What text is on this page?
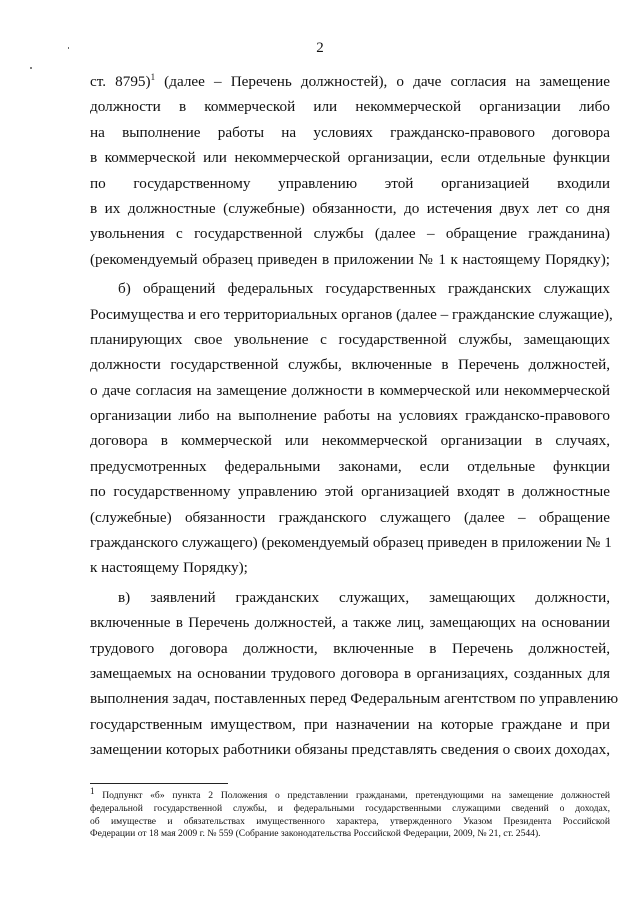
2
ст. 8795)$^1$ (далее – Перечень должностей), о даче согласия на замещение
должности в коммерческой или некоммерческой организации либо
на выполнение работы на условиях гражданско-правового договора
в коммерческой или некоммерческой организации, если отдельные функции
по государственному управлению этой организацией входили
в их должностные (служебные) обязанности, до истечения двух лет со дня
увольнения с государственной службы (далее – обращение гражданина)
(рекомендуемый образец приведен в приложении № 1 к настоящему Порядку);
б) обращений федеральных государственных гражданских служащих
Росимущества и его территориальных органов (далее – гражданские служащие),
планирующих свое увольнение с государственной службы, замещающих
должности государственной службы, включенные в Перечень должностей,
о даче согласия на замещение должности в коммерческой или некоммерческой
организации либо на выполнение работы на условиях гражданско-правового
договора в коммерческой или некоммерческой организации в случаях,
предусмотренных федеральными законами, если отдельные функции
по государственному управлению этой организацией входят в должностные
(служебные) обязанности гражданского служащего (далее – обращение
гражданского служащего) (рекомендуемый образец приведен в приложении № 1
к настоящему Порядку);
в) заявлений гражданских служащих, замещающих должности,
включенные в Перечень должностей, а также лиц, замещающих на основании
трудового договора должности, включенные в Перечень должностей,
замещаемых на основании трудового договора в организациях, созданных для
выполнения задач, поставленных перед Федеральным агентством по управлению
государственным имуществом, при назначении на которые граждане и при
замещении которых работники обязаны представлять сведения о своих доходах,
$^1$ Подпункт «б» пункта 2 Положения о представлении гражданами, претендующими на замещение должностей
федеральной государственной службы, и федеральными государственными служащими сведений о доходах,
об имуществе и обязательствах имущественного характера, утвержденного Указом Президента Российской
Федерации от 18 мая 2009 г. № 559 (Собрание законодательства Российской Федерации, 2009, № 21, ст. 2544).
